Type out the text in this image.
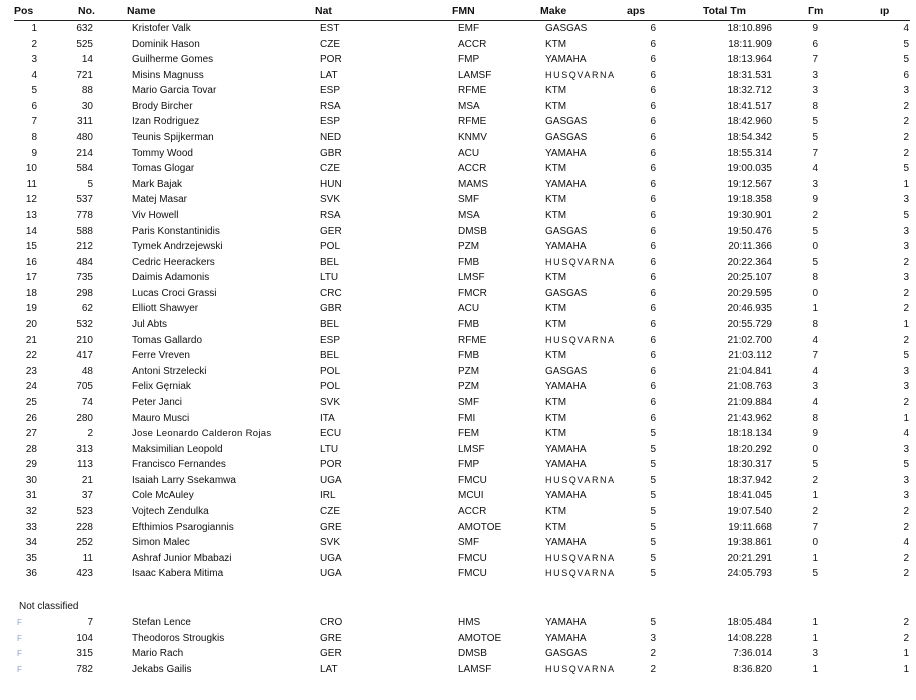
Pos	No.	Name	Nat	FMN	Make	aps	Total Tm	Гm	ıp
1	632	Kristofer Valk	EST	EMF	GASGAS	6	18:10.896	9	4
2	525	Dominik Hason	CZE	ACCR	KTM	6	18:11.909	6	5
3	14	Guilherme Gomes	POR	FMP	YAMAHA	6	18:13.964	7	5
4	721	Misins Magnuss	LAT	LAMSF	HUSQVARNA	6	18:31.531	3	6
5	88	Mario Garcia Tovar	ESP	RFME	KTM	6	18:32.712	3	3
6	30	Brody Bircher	RSA	MSA	KTM	6	18:41.517	8	2
7	311	Izan Rodriguez	ESP	RFME	GASGAS	6	18:42.960	5	2
8	480	Teunis Spijkerman	NED	KNMV	GASGAS	6	18:54.342	5	2
9	214	Tommy Wood	GBR	ACU	YAMAHA	6	18:55.314	7	2
10	584	Tomas Glogar	CZE	ACCR	KTM	6	19:00.035	4	5
11	5	Mark Bajak	HUN	MAMS	YAMAHA	6	19:12.567	3	1
12	537	Matej Masar	SVK	SMF	KTM	6	19:18.358	9	3
13	778	Viv Howell	RSA	MSA	KTM	6	19:30.901	2	5
14	588	Paris Konstantinidis	GER	DMSB	GASGAS	6	19:50.476	5	3
15	212	Tymek Andrzejewski	POL	PZM	YAMAHA	6	20:11.366	0	3
16	484	Cedric Heerackers	BEL	FMB	HUSQVARNA	6	20:22.364	5	2
17	735	Daimis Adamonis	LTU	LMSF	KTM	6	20:25.107	8	3
18	298	Lucas Croci Grassi	CRC	FMCR	GASGAS	6	20:29.595	0	2
19	62	Elliott Shawyer	GBR	ACU	KTM	6	20:46.935	1	2
20	532	Jul Abts	BEL	FMB	KTM	6	20:55.729	8	1
21	210	Tomas Gallardo	ESP	RFME	HUSQVARNA	6	21:02.700	4	2
22	417	Ferre Vreven	BEL	FMB	KTM	6	21:03.112	7	5
23	48	Antoni Strzelecki	POL	PZM	GASGAS	6	21:04.841	4	3
24	705	Felix Gęrniak	POL	PZM	YAMAHA	6	21:08.763	3	3
25	74	Peter Janci	SVK	SMF	KTM	6	21:09.884	4	2
26	280	Mauro Musci	ITA	FMI	KTM	6	21:43.962	8	1
27	2	Jose Leonardo Calderon Rojas	ECU	FEM	KTM	5	18:18.134	9	4
28	313	Maksimilian Leopold	LTU	LMSF	YAMAHA	5	18:20.292	0	3
29	113	Francisco Fernandes	POR	FMP	YAMAHA	5	18:30.317	5	5
30	21	Isaiah Larry Ssekamwa	UGA	FMCU	HUSQVARNA	5	18:37.942	2	3
31	37	Cole McAuley	IRL	MCUI	YAMAHA	5	18:41.045	1	3
32	523	Vojtech Zendulka	CZE	ACCR	KTM	5	19:07.540	2	2
33	228	Efthimios Psarogiannis	GRE	AMOTOE	KTM	5	19:11.668	7	2
34	252	Simon Malec	SVK	SMF	YAMAHA	5	19:38.861	0	4
35	11	Ashraf Junior Mbabazi	UGA	FMCU	HUSQVARNA	5	20:21.291	1	2
36	423	Isaac Kabera Mitima	UGA	FMCU	HUSQVARNA	5	24:05.793	5	2
Not classified
F	7	Stefan Lence	CRO	HMS	YAMAHA	5	18:05.484	1	2
F	104	Theodoros Strougkis	GRE	AMOTOE	YAMAHA	3	14:08.228	1	2
F	315	Mario Rach	GER	DMSB	GASGAS	2	7:36.014	3	1
F	782	Jekabs Gailis	LAT	LAMSF	HUSQVARNA	2	8:36.820	1	1
